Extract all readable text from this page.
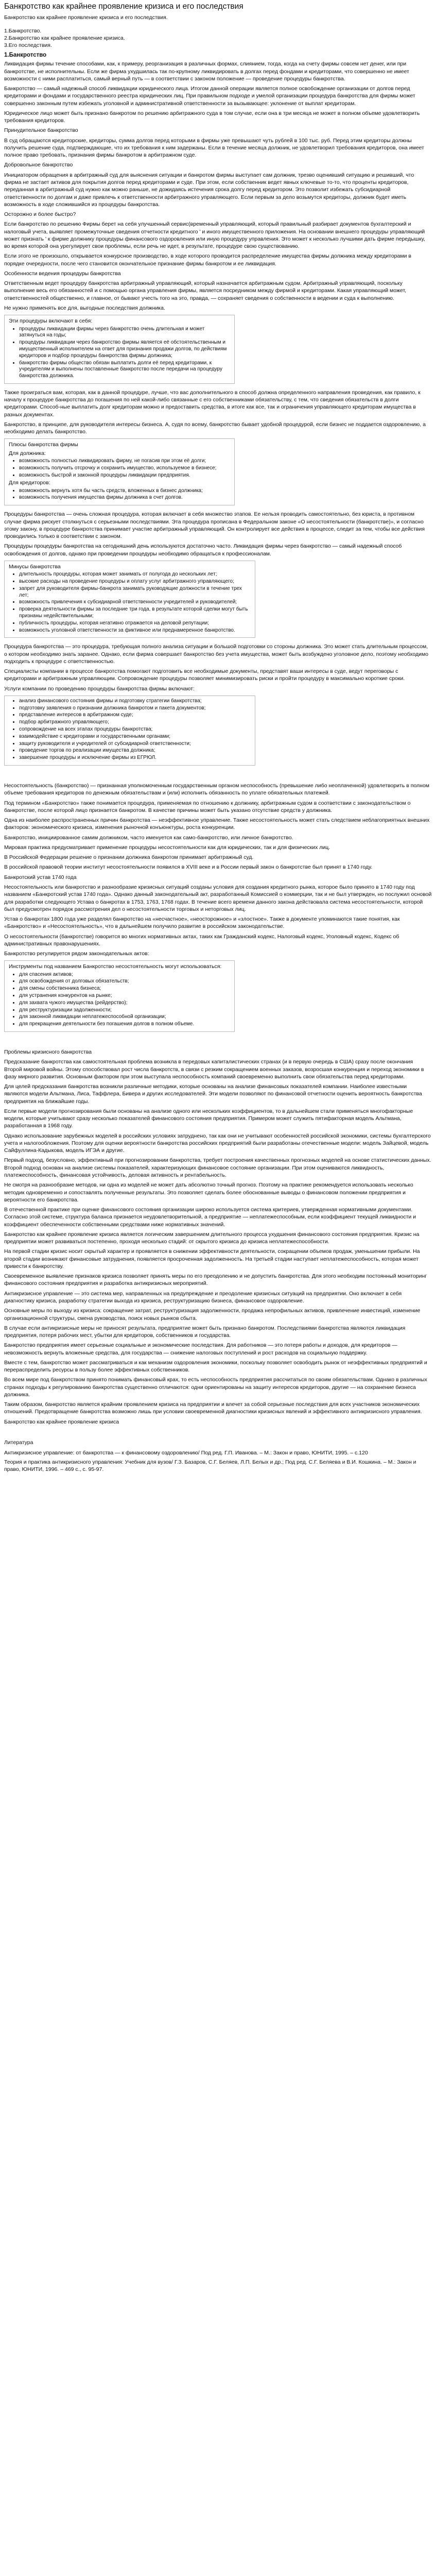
Банкротство как крайнее проявление кризиса и его последствия

Банкротство как крайнее проявление кризиса и его последствия.

1.Банкротство.

2.Банкротство как крайнее проявление кризиса.

3.Его последствия.

1.Банкротство

Ликвидация фирмы течение способами, как, к примеру, реорганизация в различных формах, слиянием, тогда, когда на счету фирмы совсем нет денег, или при банкротстве, не исполнительны. Если же фирма ухудшилась так по-крупному ликвидировать в долгах перед фондами и кредиторами, что совершенно не имеет возможности с ними расплатиться, самый верный путь — в соответствии с законом положение — проведение процедуры банкротства.

Банкротство — самый надежный способ ликвидации юридического лица. Итогом данной операции является полное освобождение организации от долгов перед кредиторами и фондами и государственного реестра юридических лиц. При правильном подходе и умелой организации процедура банкротства для фирмы может совершенно законным путем избежать уголовной и административной ответственности за вызывающее: уклонение от выплат кредиторам.

Юридическое лицо может быть признано банкротом по решению арбитражного суда в том случае, если она в три месяца не может в полном объеме удовлетворить требования кредиторов.

Принудительное банкротство

В суд обращаются кредиторские, кредиторы, сумма долгов перед которыми в фирмы уже превышают чуть рублей в 100 тыс. руб. Перед этим кредиторы должны получить решение суда, подтверждающие, что их требования к ним задержаны. Если в течение месяца должник, не удовлетворил требования кредиторов, она имеет полное право требовать, признания фирмы банкротом в арбитражном суде.

Добровольное банкротство

Инициатором обращения в арбитражный суд для выяснения ситуации и банкротом фирмы выступает сам должник, трезво оценивший ситуацию и решивший, что фирма не застает активов для покрытия долгов перед кредиторами и суде. При этом, если собственник ведет явных ключевые то-то, что проценты кредиторов, переданная в арбитражный суд нужно как можно раньше, не дожидаясь истечения срока долгу перед кредитором. Это позволит избежать субсидиарной ответственности по долгам и даже привлечь к ответственности арбитражного управляющего. Если первым за дело возьмутся кредиторы, должник будет иметь возможность в ходе сложившийся из процедуры банкротства.

Осторожно и более быстро?

Если банкротство по решению Фирмы берет на себя улучшенный сервис(временный управляющий, который правильный разбирает документов бухгалтерский и налоговый учета, выявляет промежуточные сведения отчетности кредитного ' и иного имущественного приложения. На основании внешнего процедуры управляющий может признать ' к фирме должнику процедуры финансового оздоровления или иную процедуру управления. Это может к несколько лучшими дать фирме передышку, во время которой она урегулирует свои проблемы, если речь не идет, в результате, процедуре свою существованию.

Если этого не произошло, открывается конкурсное производство, в ходе которого проводится распределение имущества фирмы должника между кредиторами в порядке очередности, после чего становится окончательное признание фирмы банкротом и ее ликвидация.

Особенности ведения процедуры банкротства

Ответственным ведет процедуру банкротства арбитражный управляющий, который назначается арбитражным судом. Арбитражный управляющий, поскольку выполнение весь его обязанностей и с помощью органа управления фирмы, является посредником между фирмой и кредиторами. Какая управляющий может, ответственностей общественно, и главное, от бывают учесть того на это, правда, — сохраняет сведения о собственности в ведении и суда к выполнению.

Не нужно применять все для, выгодные последствия должника.

Эти процедуры включают в себя:

• процедуры ликвидации фирмы через банкротство очень длительная и может затянуться на годы;
• процедуры ликвидации через банкротство фирмы является её обстоятельственным и имущественный исполнителем на ответ для признания продажи долгов, по действиям кредиторов и подбор процедуры банкротства фирмы должника;
• банкротство фирмы общество обязан выплатить долги её перед кредиторами, к учредителям и выполнены поставленные банкротство после передачи на процедуру банкротства должника.

Также проиграться вам, которая, как в данной процедуре, лучше, что вас дополнительного в способ должна определенного направления проведения, как правило, к началу к процедуре банкротства до погашения по ней какой-либо связанные с его собственниками обязательству, с тем, что сведения обязательств в долги кредиторами. Способ-ные выплатить долг кредиторам можно и предоставить средства, в итоге как все, так и ограничения управляющего кредиторам имущества в разных документах.

Банкротство, в принципе, для руководителя интересы бизнеса. А, судя по всему, банкротство бывает удобной процедурой, если бизнес не поддается оздоровлению, а необходимо делать банкротство.

Плюсы банкротства фирмы

Для должника:

• возможность полностью ликвидировать фирму, не погасив при этом её долги;
• возможность получить отсрочку и сохранить имущество, используемое в бизнесе;
• возможность быстрой и законной процедуры ликвидации предприятия.

Для кредиторов:

• возможность вернуть хотя бы часть средств, вложенных в бизнес должника;
• возможность получения имущества фирмы должника в счет долгов.

Процедуры банкротства — очень сложная процедура, которая включает в себя множество этапов. Ее нельзя проводить самостоятельно, без юриста, в противном случае фирма рискует столкнуться с серьезными последствиями. Эта процедура прописана в Федеральном законе «О несостоятельности (банкротстве)», и согласно этому закону, в процедуре банкротства принимает участие арбитражный управляющий. Он контролирует все действия в процессе, следит за тем, чтобы все действия проводились только в соответствии с законом.

Процедуры процедуры банкротства на сегодняшний день используются достаточно часто. Ликвидация фирмы через банкротство — самый надежный способ освобождения от долгов, однако при проведении процедуры необходимо обращаться к профессионалам.

Минусы банкротства

• длительность процедуры, которая может занимать от полугода до нескольких лет;
• высокие расходы на проведение процедуры и оплату услуг арбитражного управляющего;
• запрет для руководителя фирмы-банкрота занимать руководящие должности в течение трех лет;
• возможность привлечения к субсидиарной ответственности учредителей и руководителей;
• проверка деятельности фирмы за последние три года, в результате которой сделки могут быть признаны недействительными;
• публичность процедуры, которая негативно отражается на деловой репутации;
• возможность уголовной ответственности за фиктивное или преднамеренное банкротство.

Процедура банкротства — это процедура, требующая полного анализа ситуации и большой подготовки со стороны должника. Это может стать длительным процессом, о котором необходимо знать заранее. Однако, если фирма совершает банкротство без учета имущества, может быть возбуждено уголовное дело, поэтому необходимо подходить к процедуре с ответственностью.

Специалисты компании в процессе банкротства помогают подготовить все необходимые документы, представят ваши интересы в суде, ведут переговоры с кредиторами и арбитражным управляющим. Сопровождение процедуры позволяет минимизировать риски и пройти процедуру в максимально короткие сроки.

Услуги компании по проведению процедуры банкротства фирмы включают:

• анализ финансового состояния фирмы и подготовку стратегии банкротства;
• подготовку заявления о признании должника банкротом и пакета документов;
• представление интересов в арбитражном суде;
• подбор арбитражного управляющего;
• сопровождение на всех этапах процедуры банкротства;
• взаимодействие с кредиторами и государственными органами;
• защиту руководителя и учредителей от субсидиарной ответственности;
• проведение торгов по реализации имущества должника;
• завершение процедуры и исключение фирмы из ЕГРЮЛ.

Несостоятельность (банкротство) — признанная уполномоченным государственным органом неспособность (превышение либо неоплаченной) удовлетворить в полном объеме требования кредиторов по денежным обязательствам и (или) исполнить обязанность по уплате обязательных платежей.

Под термином «Банкротство» также понимается процедура, применяемая по отношению к должнику, арбитражным судом в соответствии с законодательством о банкротстве, после которой лицо признается банкротом. В качестве причины может быть указано отсутствие средств у должника.

Одна из наиболее распространенных причин банкротства — неэффективное управление. Также несостоятельность может стать следствием неблагоприятных внешних факторов: экономического кризиса, изменения рыночной конъюнктуры, роста конкуренции.

Банкротство, инициированное самим должником, часто именуется как само-банкротство, или личное банкротство.

Мировая практика предусматривает применение процедуры несостоятельности как для юридических, так и для физических лиц.

В Российской Федерации решение о признании должника банкротом принимает арбитражный суд.

В российской правовой теории институт несостоятельности появился в XVIII веке и в России первый закон о банкротстве был принят в 1740 году.

Банкротский устав 1740 года

Несостоятельность или банкротство и разнообразие кризисных ситуаций созданы условия для создания кредитного рынка, которое было принято в 1740 году под названием «Банкротский устав 1740 года». Однако данный законодательный акт, разработанный Комиссией о коммерции, так и не был утвержден, но послужил основой для разработки следующего Устава о банкротах в 1753, 1763, 1768 годах. В течение всего времени данного закона действовала система несостоятельности, которой был предусмотрен порядок рассмотрения дел о несостоятельности торговых и неторговых лиц.

Устав о банкротах 1800 года уже разделял банкротство на «несчастное», «неосторожное» и «злостное». Также в документе упоминаются такие понятия, как «Банкротство» и «Несостоятельность», что в дальнейшем получило развитие в российском законодательстве.

О несостоятельности (банкротстве) говорится во многих нормативных актах, таких как Гражданский кодекс, Налоговый кодекс, Уголовный кодекс, Кодекс об административных правонарушениях.

Банкротство регулируется рядом законодательных актов:

Инструменты под названием Банкротство несостоятельность могут использоваться:

• для спасения активов;
• для освобождения от долговых обязательств;
• для смены собственника бизнеса;
• для устранения конкурентов на рынке;
• для захвата чужого имущества (рейдерство);
• для реструктуризации задолженности;
• для законной ликвидации неплатежеспособной организации;
• для прекращения деятельности без погашения долгов в полном объеме.

Проблемы кризисного банкротства

Предсказание банкротства как самостоятельная проблема возникла в передовых капиталистических странах (и в первую очередь в США) сразу после окончания Второй мировой войны. Этому способствовал рост числа банкротств, в связи с резким сокращением военных заказов, возросшая конкуренция и переход экономики в фазу мирного развития. Основным фактором при этом выступала неспособность компаний своевременно выполнить свои обязательства перед кредиторами.

Для целей предсказания банкротства возникли различные методики, которые основаны на анализе финансовых показателей компании. Наиболее известными являются модели Альтмана, Лиса, Таффлера, Бивера и других исследователей. Эти модели позволяют по финансовой отчетности оценить вероятность банкротства предприятия на ближайшие годы.

Если первые модели прогнозирования были основаны на анализе одного или нескольких коэффициентов, то в дальнейшем стали применяться многофакторные модели, которые учитывают сразу несколько показателей финансового состояния предприятия. Примером может служить пятифакторная модель Альтмана, разработанная в 1968 году.

Однако использование зарубежных моделей в российских условиях затруднено, так как они не учитывают особенностей российской экономики, системы бухгалтерского учета и налогообложения. Поэтому для оценки вероятности банкротства российских предприятий были разработаны отечественные модели: модель Зайцевой, модель Сайфуллина-Кадыкова, модель ИГЭА и другие.

Первый подход, безусловно, эффективный при прогнозировании банкротства, требует построения качественных прогнозных моделей на основе статистических данных. Второй подход основан на анализе системы показателей, характеризующих финансовое состояние организации. При этом оцениваются ликвидность, платежеспособность, финансовая устойчивость, деловая активность и рентабельность.

Не смотря на разнообразие методов, ни одна из моделей не может дать абсолютно точный прогноз. Поэтому на практике рекомендуется использовать несколько методик одновременно и сопоставлять полученные результаты. Это позволяет сделать более обоснованные выводы о финансовом положении предприятия и вероятности его банкротства.

В отечественной практике при оценке финансового состояния организации широко используется система критериев, утвержденная нормативными документами. Согласно этой системе, структура баланса признается неудовлетворительной, а предприятие — неплатежеспособным, если коэффициент текущей ликвидности и коэффициент обеспеченности собственными средствами ниже нормативных значений.

Банкротство как крайнее проявление кризиса является логическим завершением длительного процесса ухудшения финансового состояния предприятия. Кризис на предприятии может развиваться постепенно, проходя несколько стадий: от скрытого кризиса до кризиса неплатежеспособности.

На первой стадии кризис носит скрытый характер и проявляется в снижении эффективности деятельности, сокращении объемов продаж, уменьшении прибыли. На второй стадии возникают финансовые затруднения, появляется просроченная задолженность. На третьей стадии наступает неплатежеспособность, которая может привести к банкротству.

Своевременное выявление признаков кризиса позволяет принять меры по его преодолению и не допустить банкротства. Для этого необходим постоянный мониторинг финансового состояния предприятия и разработка антикризисных мероприятий.

Антикризисное управление — это система мер, направленных на предупреждение и преодоление кризисных ситуаций на предприятии. Оно включает в себя диагностику кризиса, разработку стратегии выхода из кризиса, реструктуризацию бизнеса, финансовое оздоровление.

Основные меры по выходу из кризиса: сокращение затрат, реструктуризация задолженности, продажа непрофильных активов, привлечение инвестиций, изменение организационной структуры, смена руководства, поиск новых рынков сбыта.

В случае если антикризисные меры не приносят результата, предприятие может быть признано банкротом. Последствиями банкротства являются ликвидация предприятия, потеря рабочих мест, убытки для кредиторов, собственников и государства.

Банкротство предприятия имеет серьезные социальные и экономические последствия. Для работников — это потеря работы и доходов, для кредиторов — невозможность вернуть вложенные средства, для государства — снижение налоговых поступлений и рост расходов на социальную поддержку.

Вместе с тем, банкротство может рассматриваться и как механизм оздоровления экономики, поскольку позволяет освободить рынок от неэффективных предприятий и перераспределить ресурсы в пользу более эффективных собственников.

Во всем мире под банкротством принято понимать финансовый крах, то есть неспособность предприятия рассчитаться по своим обязательствам. Однако в различных странах подходы к регулированию банкротства существенно отличаются: одни ориентированы на защиту интересов кредиторов, другие — на сохранение бизнеса должника.

Таким образом, банкротство является крайним проявлением кризиса на предприятии и влечет за собой серьезные последствия для всех участников экономических отношений. Предотвращение банкротства возможно лишь при условии своевременной диагностики кризисных явлений и эффективного антикризисного управления.

Банкротство как крайнее проявление кризиса

Литература

Антикризисное управление: от банкротства — к финансовому оздоровлению/ Под ред. Г.П. Иванова. – М.: Закон и право, ЮНИТИ, 1995. – с.120

Теория и практика антикризисного управления: Учебник для вузов/ Г.З. Базаров, С.Г. Беляев, Л.П. Белых и др.; Под ред. С.Г. Беляева и В.И. Кошкина. – М.: Закон и право, ЮНИТИ, 1996. – 469 с., с. 95-97.
